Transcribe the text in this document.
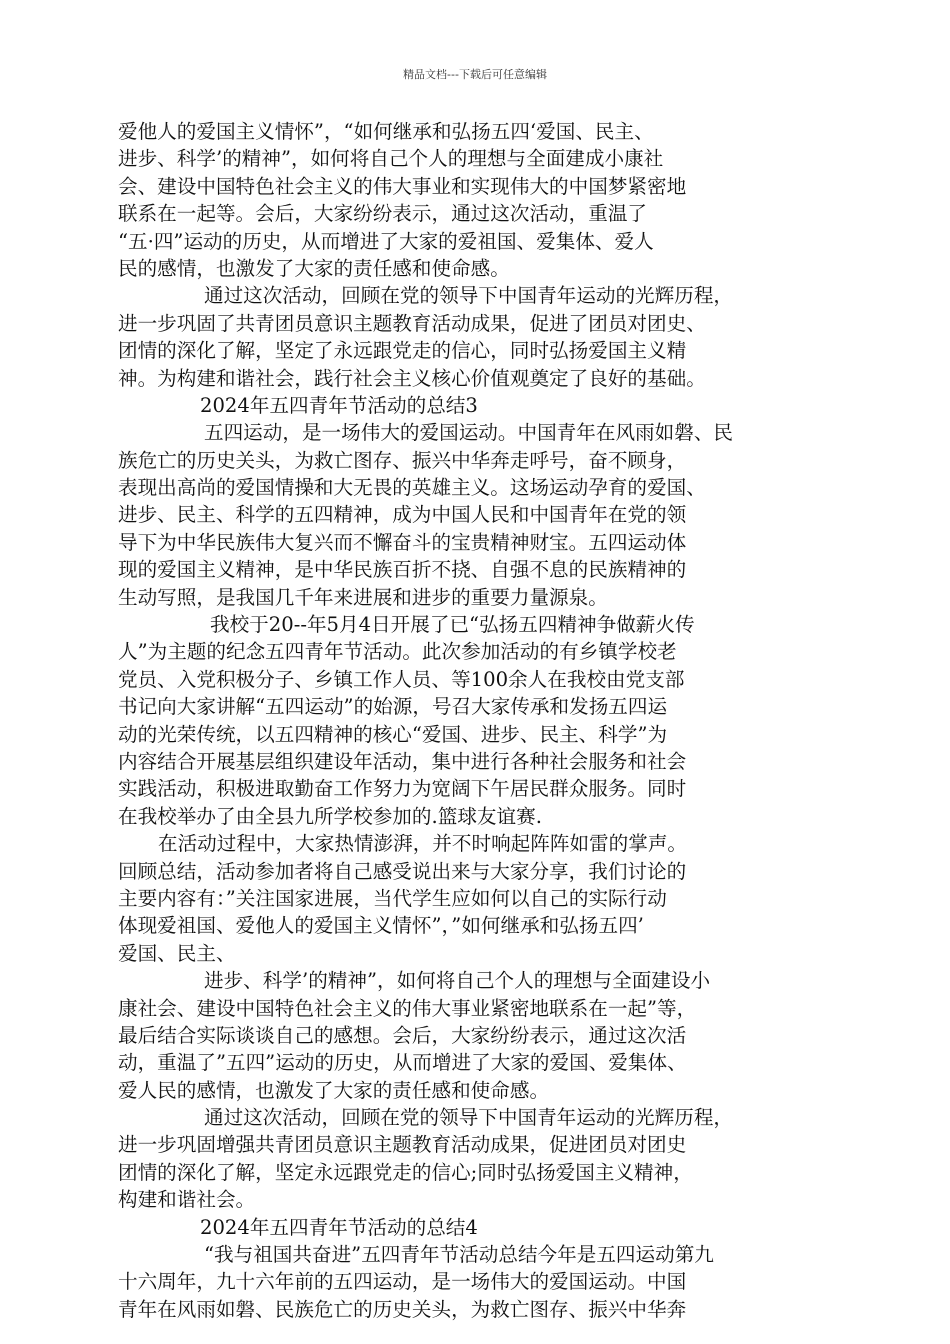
精品文档---下载后可任意编辑
爱他人的爱国主义情怀”，“如何继承和弘扬五四‘爱国、民主、
进步、科学’的精神”，如何将自己个人的理想与全面建成小康社
会、建设中国特色社会主义的伟大事业和实现伟大的中国梦紧密地
联系在一起等。会后，大家纷纷表示，通过这次活动，重温了
“五·四”运动的历史，从而增进了大家的爱祖国、爱集体、爱人
民的感情，也激发了大家的责任感和使命感。
通过这次活动，回顾在党的领导下中国青年运动的光辉历程，
进一步巩固了共青团员意识主题教育活动成果，促进了团员对团史、
团情的深化了解，坚定了永远跟党走的信心，同时弘扬爱国主义精
神。为构建和谐社会，践行社会主义核心价值观奠定了良好的基础。
2024年五四青年节活动的总结3
五四运动，是一场伟大的爱国运动。中国青年在风雨如磐、民
族危亡的历史关头，为救亡图存、振兴中华奔走呼号，奋不顾身，
表现出高尚的爱国情操和大无畏的英雄主义。这场运动孕育的爱国、
进步、民主、科学的五四精神，成为中国人民和中国青年在党的领
导下为中华民族伟大复兴而不懈奋斗的宝贵精神财宝。五四运动体
现的爱国主义精神，是中华民族百折不挠、自强不息的民族精神的
生动写照，是我国几千年来进展和进步的重要力量源泉。
我校于20--年5月4日开展了已“弘扬五四精神争做薪火传
人”为主题的纪念五四青年节活动。此次参加活动的有乡镇学校老
党员、入党积极分子、乡镇工作人员、等100余人在我校由党支部
书记向大家讲解“五四运动”的始源，号召大家传承和发扬五四运
动的光荣传统，以五四精神的核心“爱国、进步、民主、科学”为
内容结合开展基层组织建设年活动，集中进行各种社会服务和社会
实践活动，积极进取勤奋工作努力为宽阔下午居民群众服务。同时
在我校举办了由全县九所学校参加的.篮球友谊赛.
在活动过程中，大家热情澎湃，并不时响起阵阵如雷的掌声。
回顾总结，活动参加者将自己感受说出来与大家分享，我们讨论的
主要内容有：”关注国家进展，当代学生应如何以自己的实际行动
体现爱祖国、爱他人的爱国主义情怀”，”如何继承和弘扬五四’
爱国、民主、
进步、科学’的精神”，如何将自己个人的理想与全面建设小
康社会、建设中国特色社会主义的伟大事业紧密地联系在一起”等，
最后结合实际谈谈自己的感想。会后，大家纷纷表示，通过这次活
动，重温了”五四”运动的历史，从而增进了大家的爱国、爱集体、
爱人民的感情，也激发了大家的责任感和使命感。
通过这次活动，回顾在党的领导下中国青年运动的光辉历程，
进一步巩固增强共青团员意识主题教育活动成果，促进团员对团史
团情的深化了解，坚定永远跟党走的信心;同时弘扬爱国主义精神，
构建和谐社会。
2024年五四青年节活动的总结4
“我与祖国共奋进”五四青年节活动总结今年是五四运动第九
十六周年，九十六年前的五四运动，是一场伟大的爱国运动。中国
青年在风雨如磐、民族危亡的历史关头，为救亡图存、振兴中华奔
